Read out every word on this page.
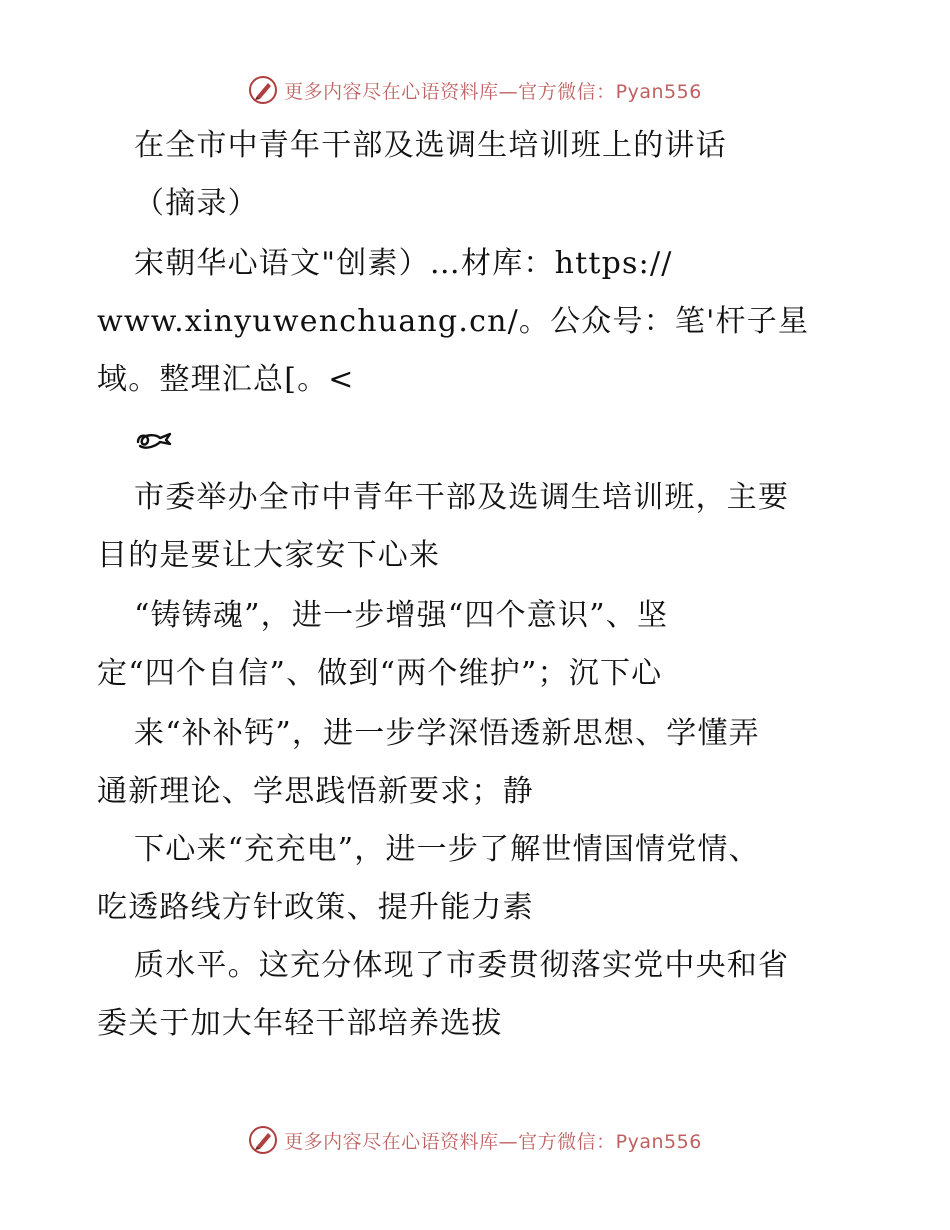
更多内容尽在心语资料库—官方微信：Pyan556
在全市中青年干部及选调生培训班上的讲话
（摘录）
宋朝华心语文"创素）…材库：https://
www.xinyuwenchuang.cn/。公众号：笔'杆子星
域。整理汇总[。<
市委举办全市中青年干部及选调生培训班，主要
目的是要让大家安下心来
“铸铸魂”，进一步增强“四个意识”、坚
定“四个自信”、做到“两个维护”；沉下心
来“补补钙”，进一步学深悟透新思想、学懂弄
通新理论、学思践悟新要求；静
下心来“充充电”，进一步了解世情国情党情、
吃透路线方针政策、提升能力素
质水平。这充分体现了市委贯彻落实党中央和省
委关于加大年轻干部培养选拔
更多内容尽在心语资料库—官方微信：Pyan556
